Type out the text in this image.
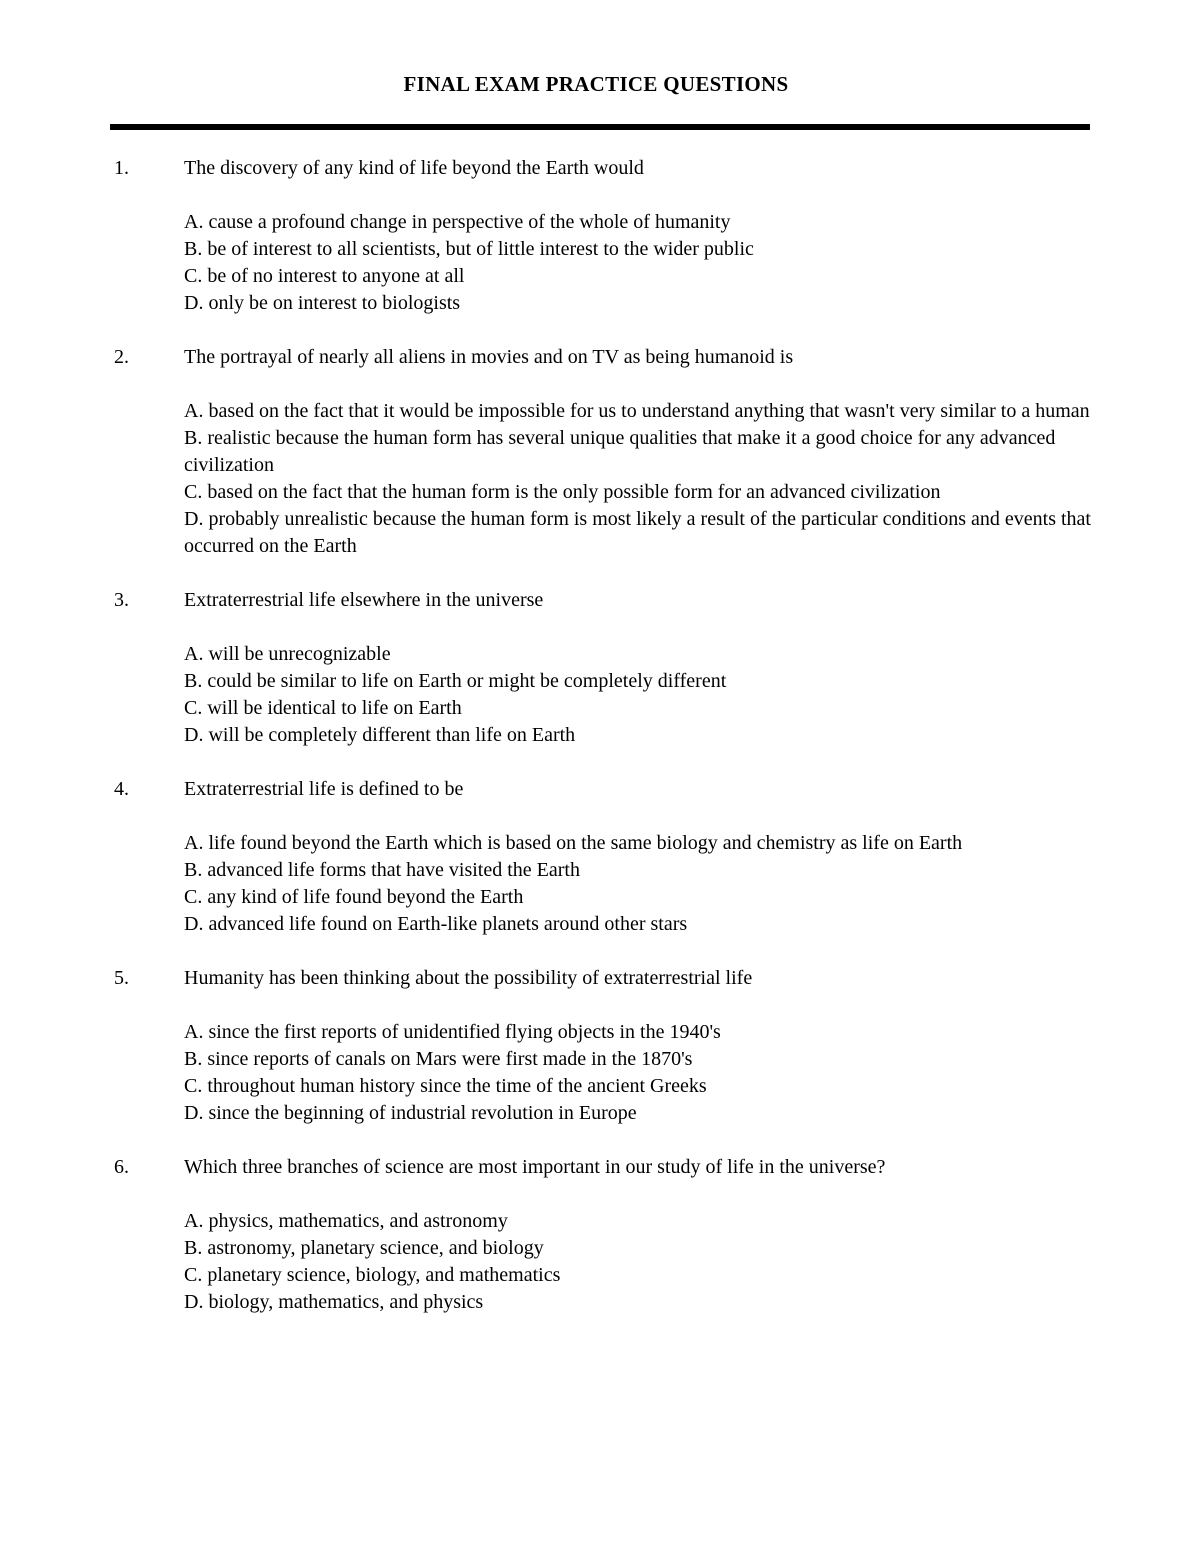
FINAL EXAM PRACTICE QUESTIONS
1.	The discovery of any kind of life beyond the Earth would
A. cause a profound change in perspective of the whole of humanity
B. be of interest to all scientists, but of little interest to the wider public
C. be of no interest to anyone at all
D. only be on interest to biologists
2.	The portrayal of nearly all aliens in movies and on TV as being humanoid is
A. based on the fact that it would be impossible for us to understand anything that wasn't very similar to a human
B. realistic because the human form has several unique qualities that make it a good choice for any advanced civilization
C. based on the fact that the human form is the only possible form for an advanced civilization
D. probably unrealistic because the human form is most likely a result of the particular conditions and events that occurred on the Earth
3.	Extraterrestrial life elsewhere in the universe
A. will be unrecognizable
B. could be similar to life on Earth or might be completely different
C. will be identical to life on Earth
D. will be completely different than life on Earth
4.	Extraterrestrial life is defined to be
A. life found beyond the Earth which is based on the same biology and chemistry as life on Earth
B. advanced life forms that have visited the Earth
C. any kind of life found beyond the Earth
D. advanced life found on Earth-like planets around other stars
5.	Humanity has been thinking about the possibility of extraterrestrial life
A. since the first reports of unidentified flying objects in the 1940's
B. since reports of canals on Mars were first made in the 1870's
C. throughout human history since the time of the ancient Greeks
D. since the beginning of industrial revolution in Europe
6.	Which three branches of science are most important in our study of life in the universe?
A. physics, mathematics, and astronomy
B. astronomy, planetary science, and biology
C. planetary science, biology, and mathematics
D. biology, mathematics, and physics
